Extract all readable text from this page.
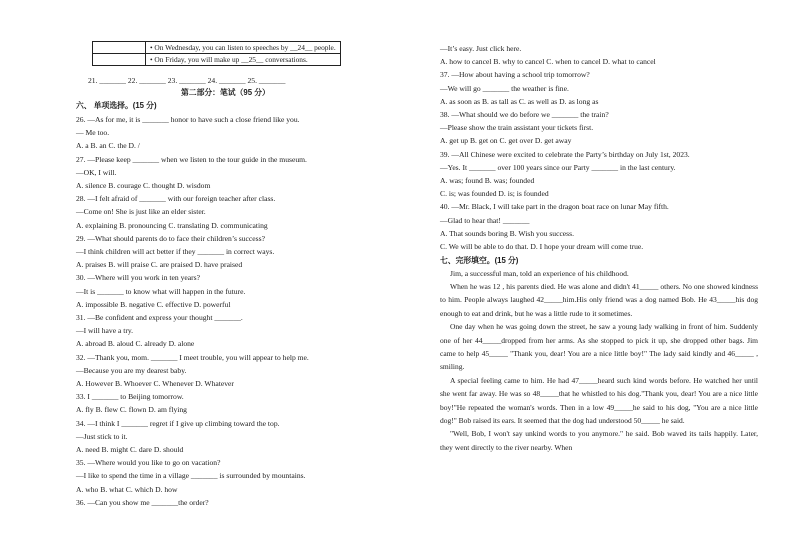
	• On Wednesday, you can listen to speeches by __24__ people.
	• On Friday, you will make up __25__ conversations.
21. _______ 22. _______ 23. _______ 24. _______ 25. _______
第二部分：笔试（95 分）
六、 单项选择。(15 分)
26. —As for me, it is _______ honor to have such a close friend like you.
— Me too.
A. a B. an C. the D. /
27. —Please keep _______ when we listen to the tour guide in the museum.
—OK, I will.
A. silence B. courage C. thought D. wisdom
28. —I felt afraid of _______ with our foreign teacher after class.
—Come on! She is just like an elder sister.
A. explaining B. pronouncing C. translating D. communicating
29. —What should parents do to face their children’s success?
—I think children will act better if they _______ in correct ways.
A. praises B. will praise C. are praised D. have praised
30. —Where will you work in ten years?
—It is _______ to know what will happen in the future.
A. impossible B. negative C. effective D. powerful
31. —Be confident and express your thought _______.
—I will have a try.
A. abroad B. aloud C. already D. alone
32. —Thank you, mom. _______ I meet trouble, you will appear to help me.
—Because you are my dearest baby.
A. However B. Whoever C. Whenever D. Whatever
33. I _______ to Beijing tomorrow.
A. fly B. flew C. flown D. am flying
34. —I think I _______ regret if I give up climbing toward the top.
—Just stick to it.
A. need B. might C. dare D. should
35. —Where would you like to go on vacation?
—I like to spend the time in a village _______ is surrounded by mountains.
A. who B. what C. which D. how
36. —Can you show me _______the order?
—It’s easy. Just click here.
A. how to cancel B. why to cancel C. when to cancel D. what to cancel
37. —How about having a school trip tomorrow?
—We will go _______ the weather is fine.
A. as soon as B. as tall as C. as well as D. as long as
38. —What should we do before we _______ the train?
—Please show the train assistant your tickets first.
A. get up B. get on C. get over D. get away
39. —All Chinese were excited to celebrate the Party’s birthday on July 1st, 2023.
—Yes. It _______ over 100 years since our Party _______ in the last century.
A. was; found B. was; founded
C. is; was founded D. is; is founded
40. —Mr. Black, I will take part in the dragon boat race on lunar May fifth.
—Glad to hear that! _______
A. That sounds boring B. Wish you success.
C. We will be able to do that. D. I hope your dream will come true.
七、完形填空。(15 分)
Jim, a successful man, told an experience of his childhood.

When he was 12 , his parents died. He was alone and didn't 41_____ others. No one showed kindness to him. People always laughed 42_____him.His only friend was a dog named Bob. He 43_____his dog enough to eat and drink, but he was a little rude to it sometimes.

One day when he was going down the street, he saw a young lady walking in front of him. Suddenly one of her 44_____dropped from her arms. As she stopped to pick it up, she dropped other bags. Jim came to help 45_____ "Thank you, dear! You are a nice little boy!" The lady said kindly and 46_____ , smiling.

A special feeling came to him. He had 47_____heard such kind words before. He watched her until she went far away. He was so 48_____that he whistled to his dog."Thank you, dear! You are a nice little boy!"He repeated the woman's words. Then in a low 49_____he said to his dog, "You are a nice little dog!" Bob raised its ears. It seemed that the dog had understood 50_____ he said.

"Well, Bob, I won't say unkind words to you anymore." he said. Bob waved its tails happily. Later, they went directly to the river nearby. When
